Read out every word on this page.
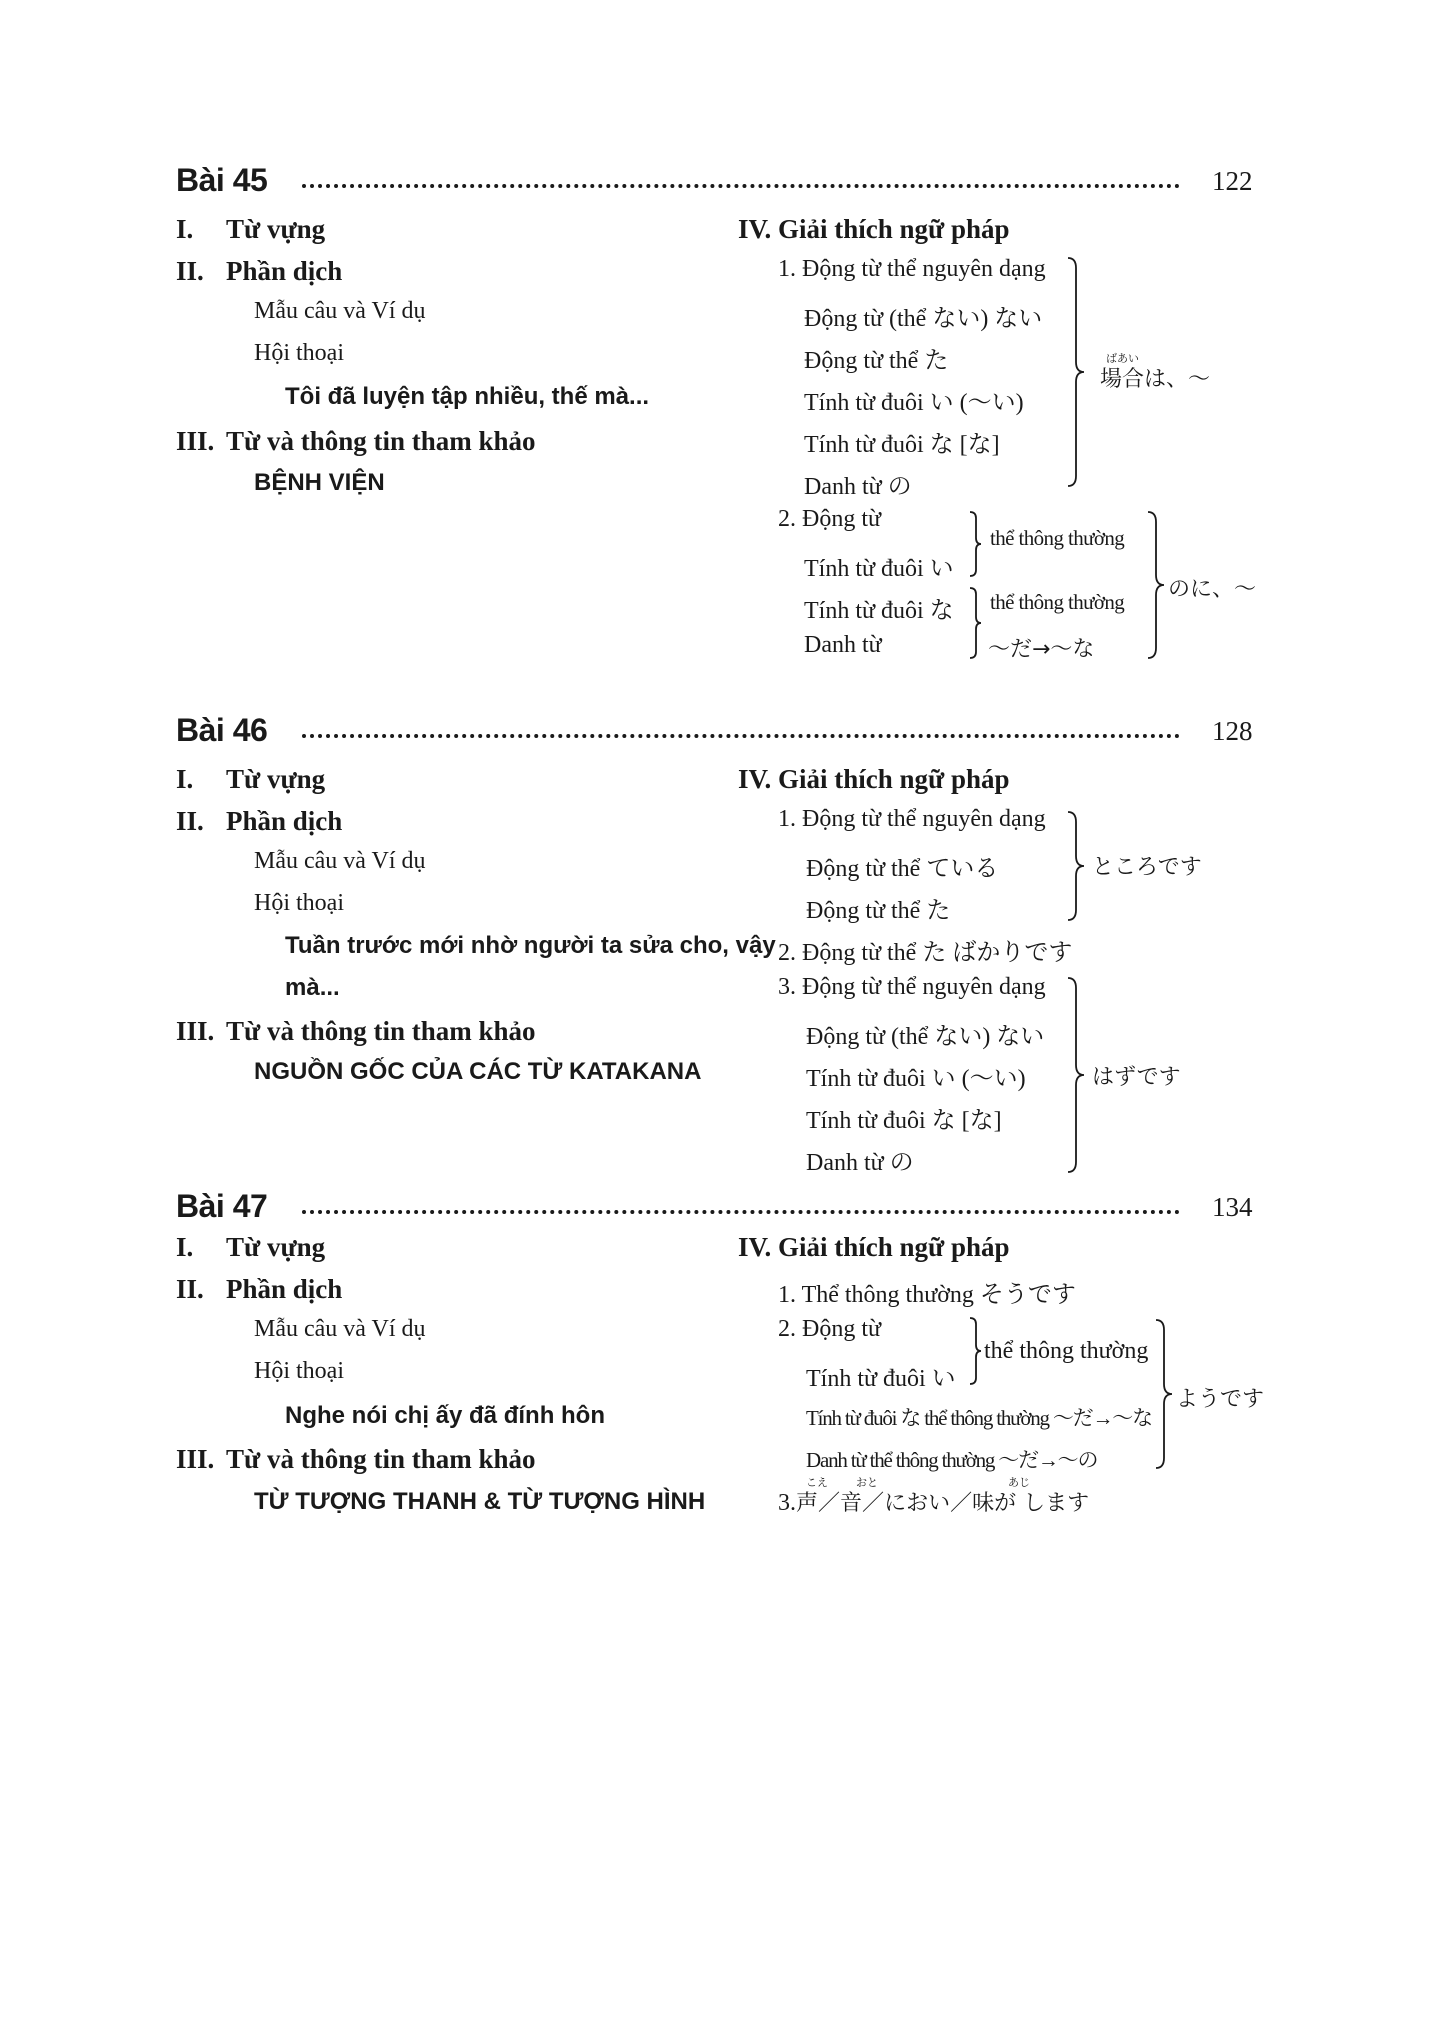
Bài 45	122
I. Từ vựng
II. Phần dịch
Mẫu câu và Ví dụ
Hội thoại
Tôi đã luyện tập nhiều, thế mà...
III. Từ và thông tin tham khảo
BỆNH VIỆN
IV. Giải thích ngữ pháp
1. Động từ thể nguyên dạng
Động từ (thể ない) ない
Động từ thể た
Tính từ đuôi い (～い)
Tính từ đuôi な [な]
Danh từ の
ばあい
場合は、～
2. Động từ
Tính từ đuôi い
Tính từ đuôi な
Danh từ
thể thông thường
thể thông thường
～だ→～な
のに、～
Bài 46	128
I. Từ vựng
II. Phần dịch
Mẫu câu và Ví dụ
Hội thoại
Tuần trước mới nhờ người ta sửa cho, vậy
mà...
III. Từ và thông tin tham khảo
NGUỒN GỐC CỦA CÁC TỪ KATAKANA
IV. Giải thích ngữ pháp
1. Động từ thể nguyên dạng
Động từ thể ている
Động từ thể た
ところです
2. Động từ thể た ばかりです
3. Động từ thể nguyên dạng
Động từ (thể ない) ない
Tính từ đuôi い (～い)
Tính từ đuôi な [な]
Danh từ の
はずです
Bài 47	134
I. Từ vựng
II. Phần dịch
Mẫu câu và Ví dụ
Hội thoại
Nghe nói chị ấy đã đính hôn
III. Từ và thông tin tham khảo
TỪ TƯỢNG THANH & TỪ TƯỢNG HÌNH
IV. Giải thích ngữ pháp
1. Thể thông thường そうです
2. Động từ
Tính từ đuôi い
thể thông thường
Tính từ đuôi な thể thông thường ～だ→～な
Danh từ thể thông thường ～だ→～の
ようです
3.声／音／におい／味が します
こえ	おと	あじ
